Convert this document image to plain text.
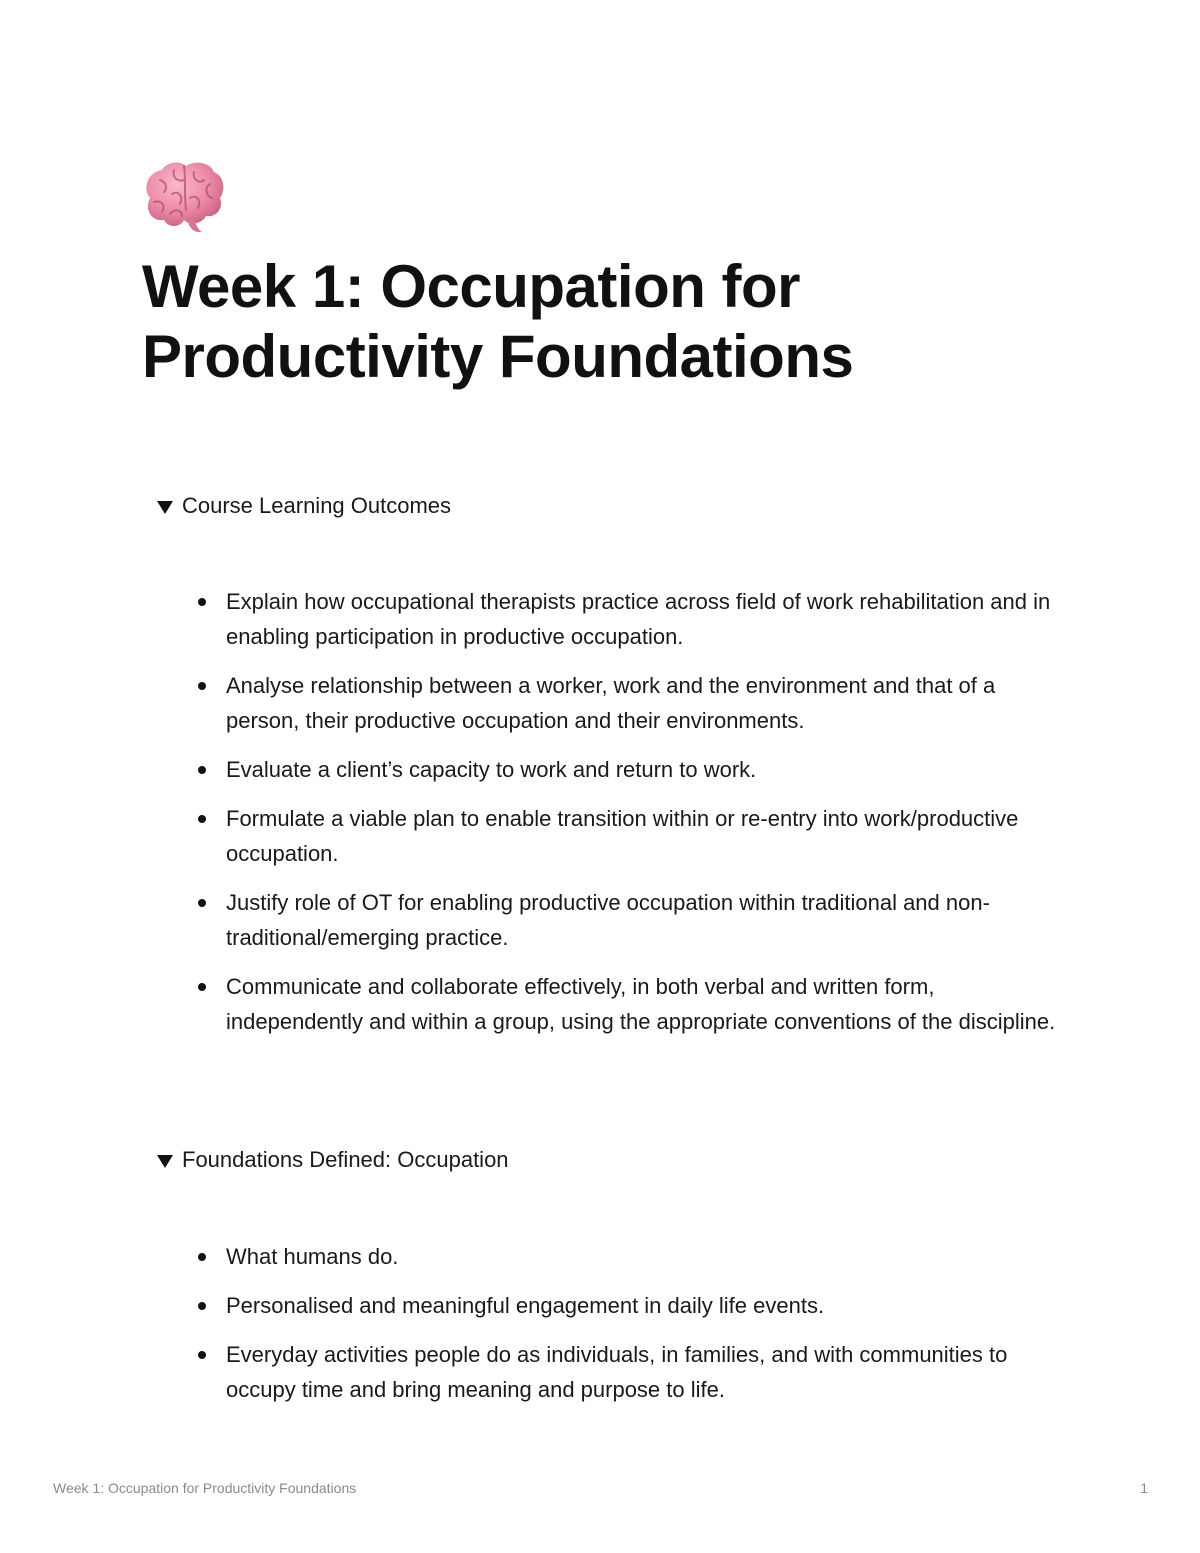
Week 1: Occupation for
Productivity Foundations
Course Learning Outcomes
Explain how occupational therapists practice across field of work rehabilitation and in enabling participation in productive occupation.
Analyse relationship between a worker, work and the environment and that of a person, their productive occupation and their environments.
Evaluate a client’s capacity to work and return to work.
Formulate a viable plan to enable transition within or re-entry into work/productive occupation.
Justify role of OT for enabling productive occupation within traditional and non-traditional/emerging practice.
Communicate and collaborate effectively, in both verbal and written form, independently and within a group, using the appropriate conventions of the discipline.
Foundations Defined: Occupation
What humans do.
Personalised and meaningful engagement in daily life events.
Everyday activities people do as individuals, in families, and with communities to occupy time and bring meaning and purpose to life.
Week 1: Occupation for Productivity Foundations	1
